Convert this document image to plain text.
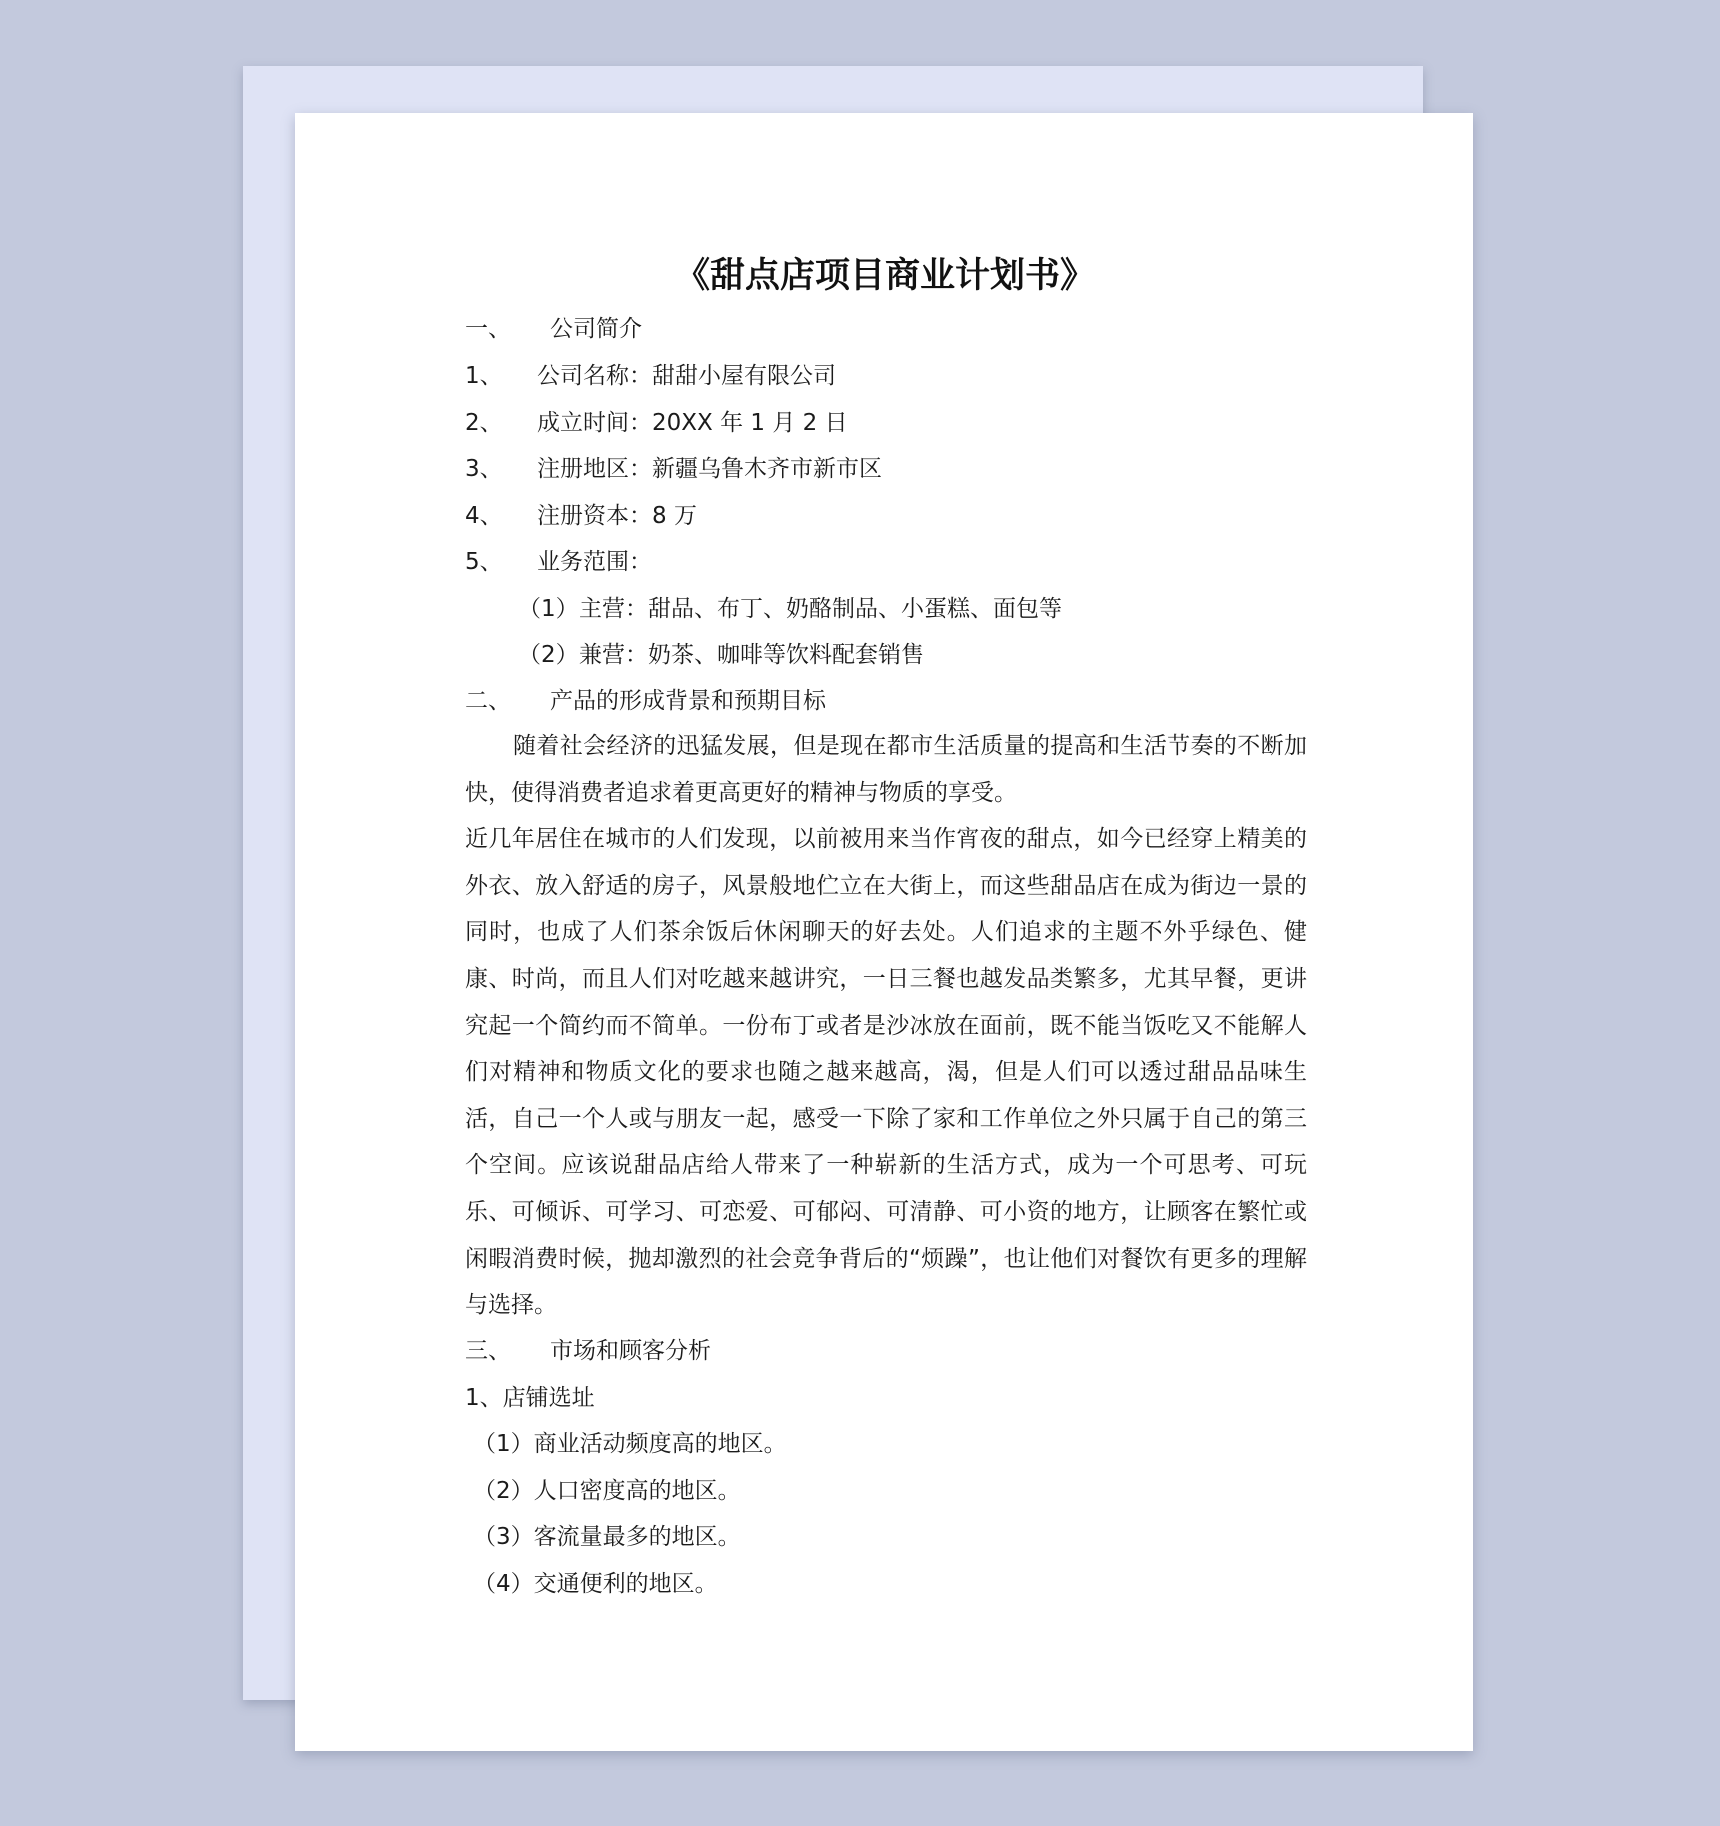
《甜点店项目商业计划书》
一、 公司简介
1、 公司名称：甜甜小屋有限公司
2、 成立时间：20XX 年 1 月 2 日
3、 注册地区：新疆乌鲁木齐市新市区
4、 注册资本：8 万
5、 业务范围：
（1）主营：甜品、布丁、奶酪制品、小蛋糕、面包等
（2）兼营：奶茶、咖啡等饮料配套销售
二、 产品的形成背景和预期目标

随着社会经济的迅猛发展，但是现在都市生活质量的提高和生活节奏的不断加快，使得消费者追求着更高更好的精神与物质的享受。

近几年居住在城市的人们发现，以前被用来当作宵夜的甜点，如今已经穿上精美的外衣、放入舒适的房子，风景般地伫立在大街上，而这些甜品店在成为街边一景的同时，也成了人们茶余饭后休闲聊天的好去处。人们追求的主题不外乎绿色、健康、时尚，而且人们对吃越来越讲究，一日三餐也越发品类繁多，尤其早餐，更讲究起一个简约而不简单。一份布丁或者是沙冰放在面前，既不能当饭吃又不能解人们对精神和物质文化的要求也随之越来越高，渴，但是人们可以透过甜品品味生活，自己一个人或与朋友一起，感受一下除了家和工作单位之外只属于自己的第三个空间。应该说甜品店给人带来了一种崭新的生活方式，成为一个可思考、可玩乐、可倾诉、可学习、可恋爱、可郁闷、可清静、可小资的地方，让顾客在繁忙或闲暇消费时候，抛却激烈的社会竞争背后的“烦躁”，也让他们对餐饮有更多的理解与选择。

三、 市场和顾客分析
1、店铺选址
（1）商业活动频度高的地区。
（2）人口密度高的地区。
（3）客流量最多的地区。
（4）交通便利的地区。
